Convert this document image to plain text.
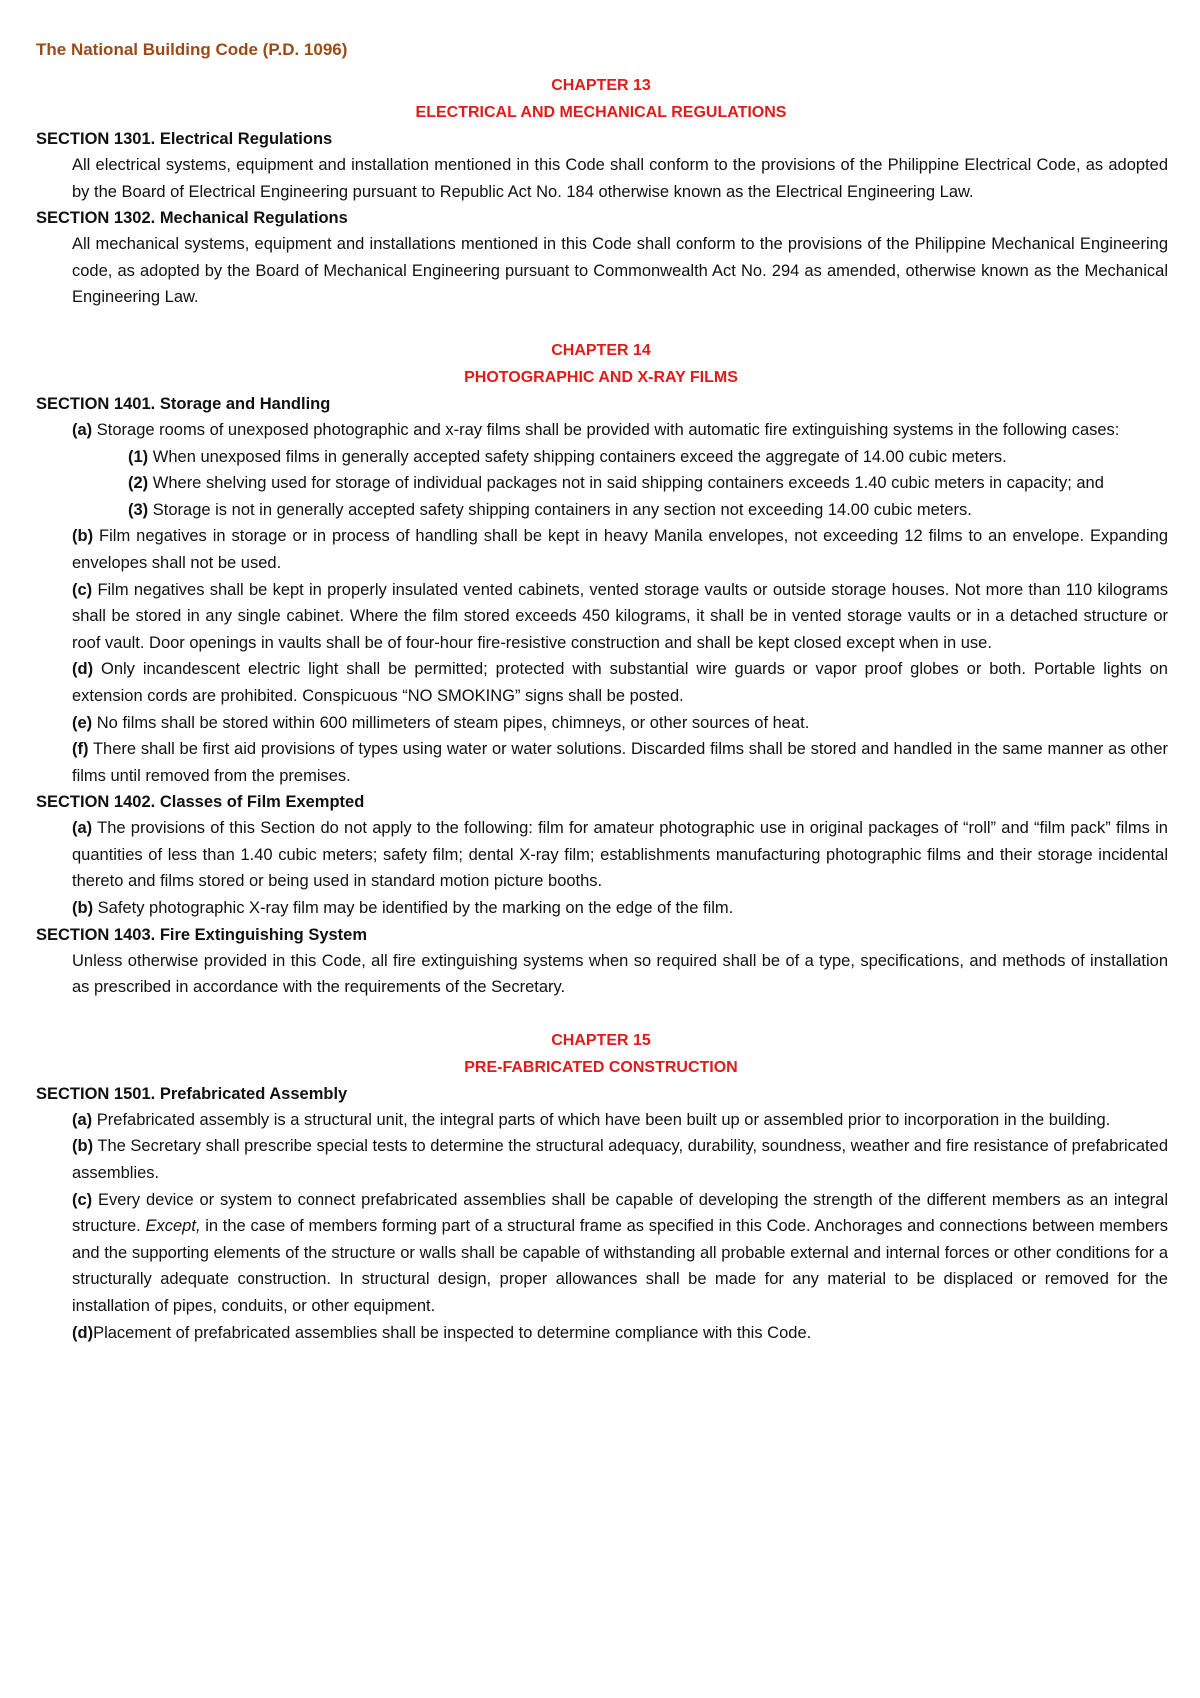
The National Building Code (P.D. 1096)
CHAPTER 13
ELECTRICAL AND MECHANICAL REGULATIONS
SECTION 1301. Electrical Regulations
All electrical systems, equipment and installation mentioned in this Code shall conform to the provisions of the Philippine Electrical Code, as adopted by the Board of Electrical Engineering pursuant to Republic Act No. 184 otherwise known as the Electrical Engineering Law.
SECTION 1302. Mechanical Regulations
All mechanical systems, equipment and installations mentioned in this Code shall conform to the provisions of the Philippine Mechanical Engineering code, as adopted by the Board of Mechanical Engineering pursuant to Commonwealth Act No. 294 as amended, otherwise known as the Mechanical Engineering Law.
CHAPTER 14
PHOTOGRAPHIC AND X-RAY FILMS
SECTION 1401. Storage and Handling
(a) Storage rooms of unexposed photographic and x-ray films shall be provided with automatic fire extinguishing systems in the following cases:
(1) When unexposed films in generally accepted safety shipping containers exceed the aggregate of 14.00 cubic meters.
(2) Where shelving used for storage of individual packages not in said shipping containers exceeds 1.40 cubic meters in capacity; and
(3) Storage is not in generally accepted safety shipping containers in any section not exceeding 14.00 cubic meters.
(b) Film negatives in storage or in process of handling shall be kept in heavy Manila envelopes, not exceeding 12 films to an envelope. Expanding envelopes shall not be used.
(c) Film negatives shall be kept in properly insulated vented cabinets, vented storage vaults or outside storage houses. Not more than 110 kilograms shall be stored in any single cabinet. Where the film stored exceeds 450 kilograms, it shall be in vented storage vaults or in a detached structure or roof vault. Door openings in vaults shall be of four-hour fire-resistive construction and shall be kept closed except when in use.
(d) Only incandescent electric light shall be permitted; protected with substantial wire guards or vapor proof globes or both. Portable lights on extension cords are prohibited. Conspicuous “NO SMOKING” signs shall be posted.
(e) No films shall be stored within 600 millimeters of steam pipes, chimneys, or other sources of heat.
(f) There shall be first aid provisions of types using water or water solutions. Discarded films shall be stored and handled in the same manner as other films until removed from the premises.
SECTION 1402. Classes of Film Exempted
(a) The provisions of this Section do not apply to the following: film for amateur photographic use in original packages of “roll” and “film pack” films in quantities of less than 1.40 cubic meters; safety film; dental X-ray film; establishments manufacturing photographic films and their storage incidental thereto and films stored or being used in standard motion picture booths.
(b) Safety photographic X-ray film may be identified by the marking on the edge of the film.
SECTION 1403. Fire Extinguishing System
Unless otherwise provided in this Code, all fire extinguishing systems when so required shall be of a type, specifications, and methods of installation as prescribed in accordance with the requirements of the Secretary.
CHAPTER 15
PRE-FABRICATED CONSTRUCTION
SECTION 1501. Prefabricated Assembly
(a) Prefabricated assembly is a structural unit, the integral parts of which have been built up or assembled prior to incorporation in the building.
(b) The Secretary shall prescribe special tests to determine the structural adequacy, durability, soundness, weather and fire resistance of prefabricated assemblies.
(c) Every device or system to connect prefabricated assemblies shall be capable of developing the strength of the different members as an integral structure. Except, in the case of members forming part of a structural frame as specified in this Code. Anchorages and connections between members and the supporting elements of the structure or walls shall be capable of withstanding all probable external and internal forces or other conditions for a structurally adequate construction. In structural design, proper allowances shall be made for any material to be displaced or removed for the installation of pipes, conduits, or other equipment.
(d)Placement of prefabricated assemblies shall be inspected to determine compliance with this Code.
